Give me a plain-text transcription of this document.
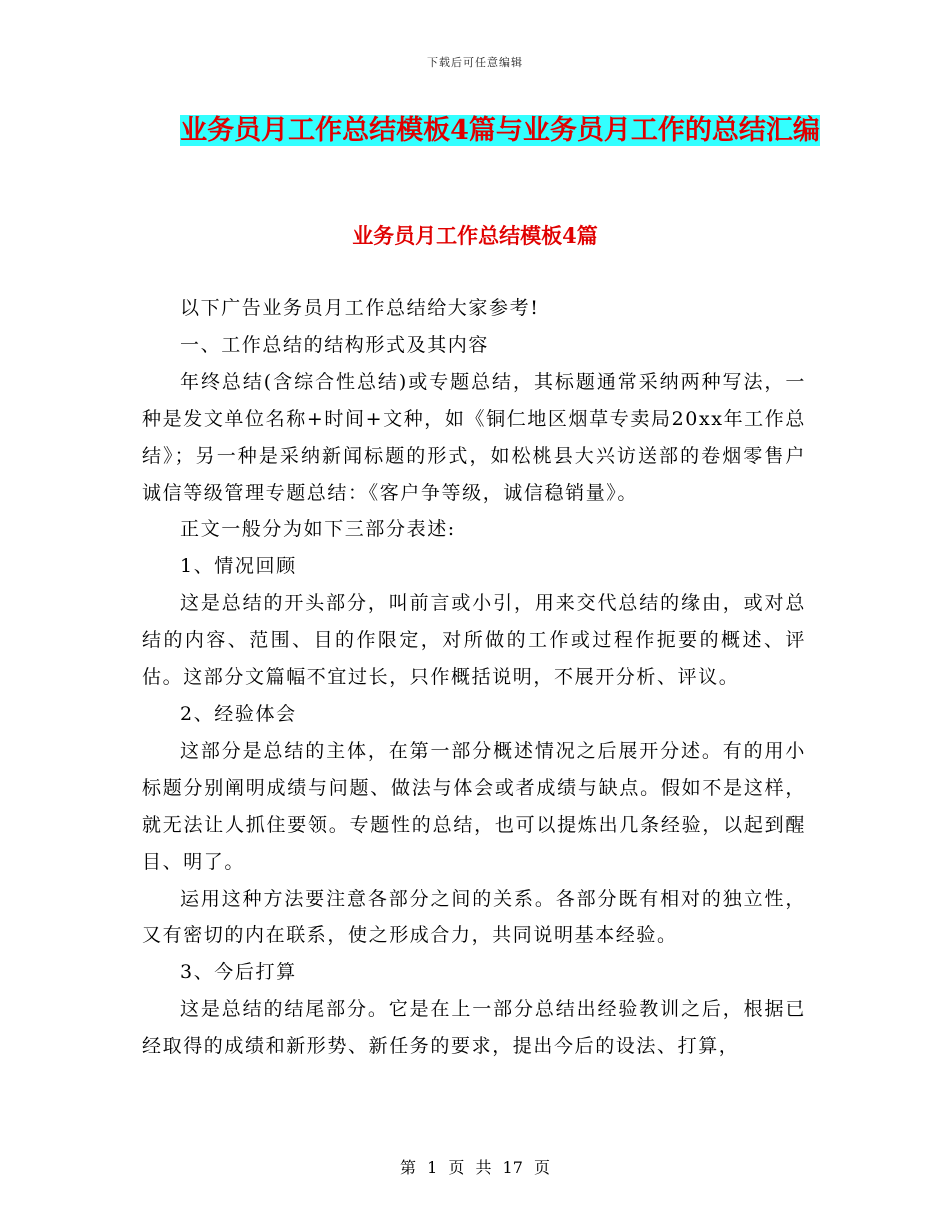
下载后可任意编辑
业务员月工作总结模板4篇与业务员月工作的总结汇编
业务员月工作总结模板4篇

以下广告业务员月工作总结给大家参考!

一、工作总结的结构形式及其内容

年终总结(含综合性总结)或专题总结，其标题通常采纳两种写法，一种是发文单位名称+时间+文种，如《铜仁地区烟草专卖局20xx年工作总结》；另一种是采纳新闻标题的形式，如松桃县大兴访送部的卷烟零售户诚信等级管理专题总结：《客户争等级，诚信稳销量》。

正文一般分为如下三部分表述:

1、情况回顾

这是总结的开头部分，叫前言或小引，用来交代总结的缘由，或对总结的内容、范围、目的作限定，对所做的工作或过程作扼要的概述、评估。这部分文篇幅不宜过长，只作概括说明，不展开分析、评议。

2、经验体会

这部分是总结的主体，在第一部分概述情况之后展开分述。有的用小标题分别阐明成绩与问题、做法与体会或者成绩与缺点。假如不是这样，就无法让人抓住要领。专题性的总结，也可以提炼出几条经验，以起到醒目、明了。

运用这种方法要注意各部分之间的关系。各部分既有相对的独立性，又有密切的内在联系，使之形成合力，共同说明基本经验。

3、今后打算

这是总结的结尾部分。它是在上一部分总结出经验教训之后，根据已经取得的成绩和新形势、新任务的要求，提出今后的设法、打算，

第 1 页 共 17 页
